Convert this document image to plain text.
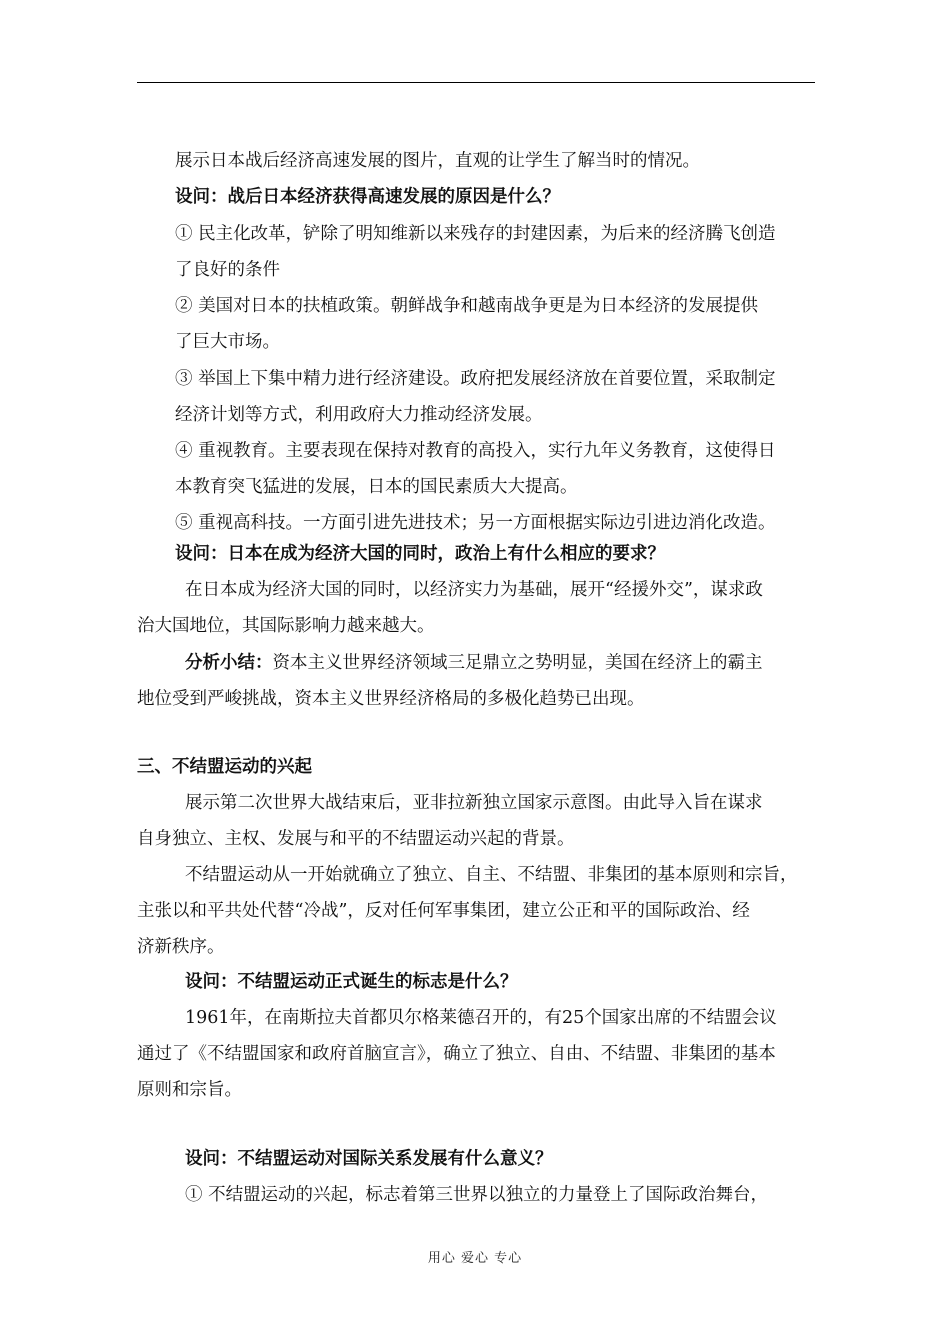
展示日本战后经济高速发展的图片，直观的让学生了解当时的情况。
设问：战后日本经济获得高速发展的原因是什么？
① 民主化改革，铲除了明知维新以来残存的封建因素，为后来的经济腾飞创造
了良好的条件
② 美国对日本的扶植政策。朝鲜战争和越南战争更是为日本经济的发展提供
了巨大市场。
③ 举国上下集中精力进行经济建设。政府把发展经济放在首要位置，采取制定
经济计划等方式，利用政府大力推动经济发展。
④ 重视教育。主要表现在保持对教育的高投入，实行九年义务教育，这使得日
本教育突飞猛进的发展，日本的国民素质大大提高。
⑤ 重视高科技。一方面引进先进技术；另一方面根据实际边引进边消化改造。
设问：日本在成为经济大国的同时，政治上有什么相应的要求？
在日本成为经济大国的同时，以经济实力为基础，展开“经援外交”，谋求政
治大国地位，其国际影响力越来越大。
分析小结：资本主义世界经济领域三足鼎立之势明显，美国在经济上的霸主
地位受到严峻挑战，资本主义世界经济格局的多极化趋势已出现。
三、不结盟运动的兴起
展示第二次世界大战结束后，亚非拉新独立国家示意图。由此导入旨在谋求
自身独立、主权、发展与和平的不结盟运动兴起的背景。
不结盟运动从一开始就确立了独立、自主、不结盟、非集团的基本原则和宗旨，
主张以和平共处代替“冷战”，反对任何军事集团，建立公正和平的国际政治、经
济新秩序。
设问：不结盟运动正式诞生的标志是什么？
1961年，在南斯拉夫首都贝尔格莱德召开的，有25个国家出席的不结盟会议
通过了《不结盟国家和政府首脑宣言》，确立了独立、自由、不结盟、非集团的基本
原则和宗旨。
设问：不结盟运动对国际关系发展有什么意义？
① 不结盟运动的兴起，标志着第三世界以独立的力量登上了国际政治舞台，
用心 爱心 专心
